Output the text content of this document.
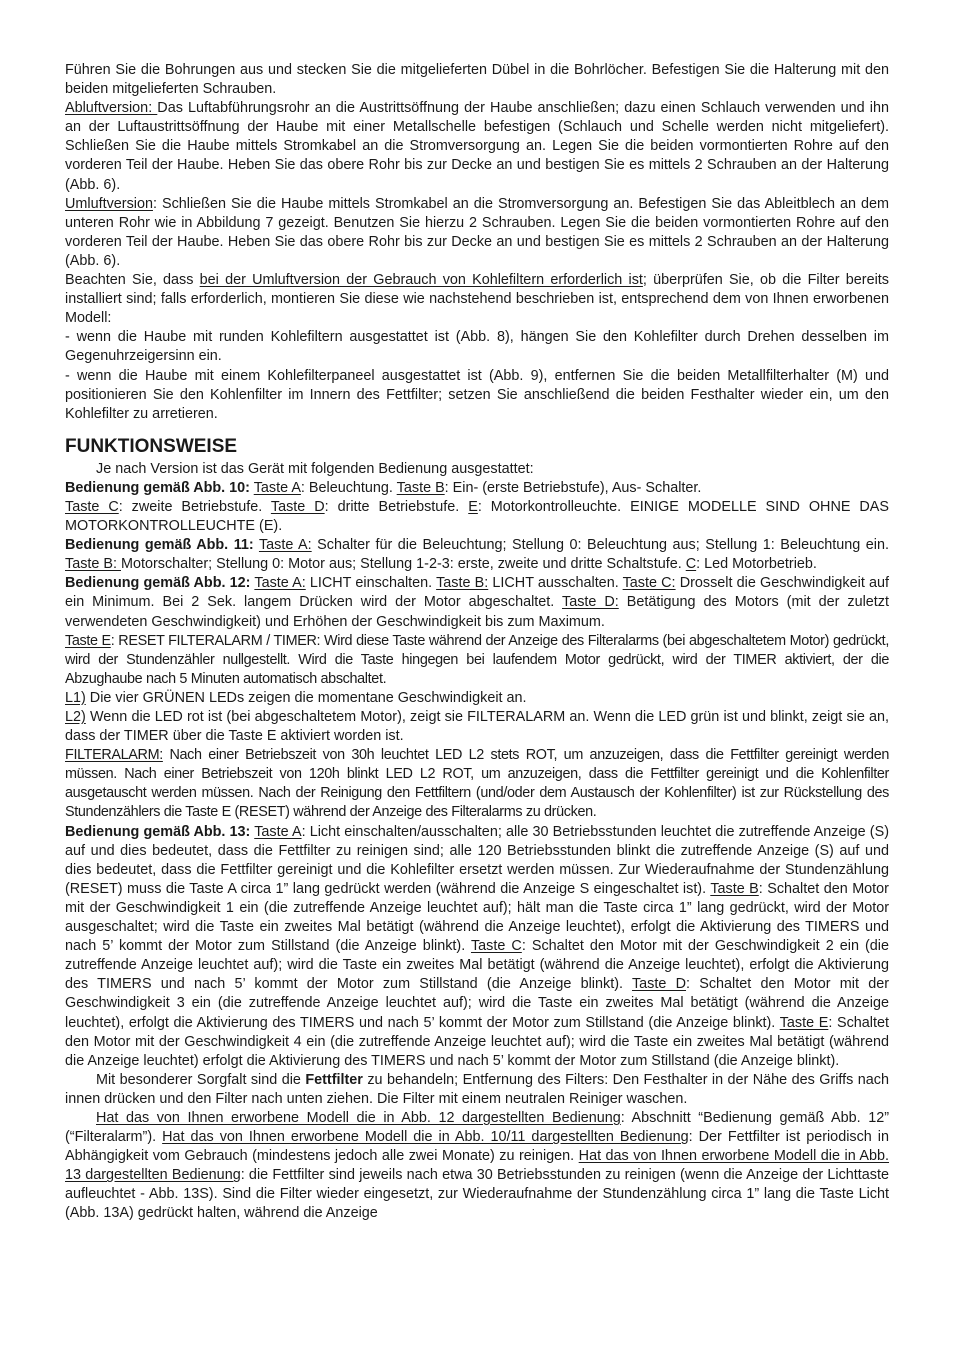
Führen Sie die Bohrungen aus und stecken Sie die mitgelieferten Dübel in die Bohrlöcher. Befestigen Sie die Halterung mit den beiden mitgelieferten Schrauben.

Abluftversion: Das Luftabführungsrohr an die Austrittsöffnung der Haube anschließen; dazu einen Schlauch verwenden und ihn an der Luftaustrittsöffnung der Haube mit einer Metallschelle befestigen (Schlauch und Schelle werden nicht mitgeliefert). Schließen Sie die Haube mittels Stromkabel an die Stromversorgung an. Legen Sie die beiden vormontierten Rohre auf den vorderen Teil der Haube. Heben Sie das obere Rohr bis zur Decke an und bestigen Sie es mittels 2 Schrauben an der Halterung (Abb. 6).

Umluftversion: Schließen Sie die Haube mittels Stromkabel an die Stromversorgung an. Befestigen Sie das Ableitblech an dem unteren Rohr wie in Abbildung 7 gezeigt. Benutzen Sie hierzu 2 Schrauben. Legen Sie die beiden vormontierten Rohre auf den vorderen Teil der Haube. Heben Sie das obere Rohr bis zur Decke an und bestigen Sie es mittels 2 Schrauben an der Halterung (Abb. 6).

Beachten Sie, dass bei der Umluftversion der Gebrauch von Kohlefiltern erforderlich ist; überprüfen Sie, ob die Filter bereits installiert sind; falls erforderlich, montieren Sie diese wie nachstehend beschrieben ist, entsprechend dem von Ihnen erworbenen Modell:

- wenn die Haube mit runden Kohlefiltern ausgestattet ist (Abb. 8), hängen Sie den Kohlefilter durch Drehen desselben im Gegenuhrzeigersinn ein.

- wenn die Haube mit einem Kohlefilterpaneel ausgestattet ist (Abb. 9), entfernen Sie die beiden Metallfilterhalter (M) und positionieren Sie den Kohlenfilter im Innern des Fettfilter; setzen Sie anschließend die beiden Festhalter wieder ein, um den Kohlefilter zu arretieren.

FUNKTIONSWEISE

Je nach Version ist das Gerät mit folgenden Bedienung ausgestattet:

Bedienung gemäß Abb. 10: Taste A: Beleuchtung. Taste B: Ein- (erste Betriebstufe), Aus- Schalter.

Taste C: zweite Betriebstufe. Taste D: dritte Betriebstufe. E: Motorkontrolleuchte. EINIGE MODELLE SIND OHNE DAS MOTORKONTROLLEUCHTE (E).

Bedienung gemäß Abb. 11: Taste A: Schalter für die Beleuchtung; Stellung 0: Beleuchtung aus; Stellung 1: Beleuchtung ein. Taste B: Motorschalter; Stellung 0: Motor aus; Stellung 1-2-3: erste, zweite und dritte Schaltstufe. C: Led Motorbetrieb.

Bedienung gemäß Abb. 12: Taste A: LICHT einschalten. Taste B: LICHT ausschalten. Taste C: Drosselt die Geschwindigkeit auf ein Minimum. Bei 2 Sek. langem Drücken wird der Motor abgeschaltet. Taste D: Betätigung des Motors (mit der zuletzt verwendeten Geschwindigkeit) und Erhöhen der Geschwindigkeit bis zum Maximum.

Taste E: RESET FILTERALARM / TIMER: Wird diese Taste während der Anzeige des Filteralarms (bei abgeschaltetem Motor) gedrückt, wird der Stundenzähler nullgestellt. Wird die Taste hingegen bei laufendem Motor gedrückt, wird der TIMER aktiviert, der die Abzughaube nach 5 Minuten automatisch abschaltet.

L1) Die vier GRÜNEN LEDs zeigen die momentane Geschwindigkeit an.

L2) Wenn die LED rot ist (bei abgeschaltetem Motor), zeigt sie FILTERALARM an. Wenn die LED grün ist und blinkt, zeigt sie an, dass der TIMER über die Taste E aktiviert worden ist.

FILTERALARM: Nach einer Betriebszeit von 30h leuchtet LED L2 stets ROT, um anzuzeigen, dass die Fettfilter gereinigt werden müssen. Nach einer Betriebszeit von 120h blinkt LED L2 ROT, um anzuzeigen, dass die Fettfilter gereinigt und die Kohlenfilter ausgetauscht werden müssen. Nach der Reinigung den Fettfiltern (und/oder dem Austausch der Kohlenfilter) ist zur Rückstellung des Stundenzählers die Taste E (RESET) während der Anzeige des Filteralarms zu drücken.

Bedienung gemäß Abb. 13: Taste A: Licht einschalten/ausschalten; alle 30 Betriebsstunden leuchtet die zutreffende Anzeige (S) auf und dies bedeutet, dass die Fettfilter zu reinigen sind; alle 120 Betriebsstunden blinkt die zutreffende Anzeige (S) auf und dies bedeutet, dass die Fettfilter gereinigt und die Kohlefilter ersetzt werden müssen. Zur Wiederaufnahme der Stundenzählung (RESET) muss die Taste A circa 1” lang gedrückt werden (während die Anzeige S eingeschaltet ist). Taste B: Schaltet den Motor mit der Geschwindigkeit 1 ein (die zutreffende Anzeige leuchtet auf); hält man die Taste circa 1” lang gedrückt, wird der Motor ausgeschaltet; wird die Taste ein zweites Mal betätigt (während die Anzeige leuchtet), erfolgt die Aktivierung des TIMERS und nach 5’ kommt der Motor zum Stillstand (die Anzeige blinkt). Taste C: Schaltet den Motor mit der Geschwindigkeit 2 ein (die zutreffende Anzeige leuchtet auf); wird die Taste ein zweites Mal betätigt (während die Anzeige leuchtet), erfolgt die Aktivierung des TIMERS und nach 5’ kommt der Motor zum Stillstand (die Anzeige blinkt). Taste D: Schaltet den Motor mit der Geschwindigkeit 3 ein (die zutreffende Anzeige leuchtet auf); wird die Taste ein zweites Mal betätigt (während die Anzeige leuchtet), erfolgt die Aktivierung des TIMERS und nach 5’ kommt der Motor zum Stillstand (die Anzeige blinkt). Taste E: Schaltet den Motor mit der Geschwindigkeit 4 ein (die zutreffende Anzeige leuchtet auf); wird die Taste ein zweites Mal betätigt (während die Anzeige leuchtet) erfolgt die Aktivierung des TIMERS und nach 5’ kommt der Motor zum Stillstand (die Anzeige blinkt).

Mit besonderer Sorgfalt sind die Fettfilter zu behandeln; Entfernung des Filters: Den Festhalter in der Nähe des Griffs nach innen drücken und den Filter nach unten ziehen. Die Filter mit einem neutralen Reiniger waschen.

Hat das von Ihnen erworbene Modell die in Abb. 12 dargestellten Bedienung: Abschnitt “Bedienung gemäß Abb. 12” (“Filteralarm”). Hat das von Ihnen erworbene Modell die in Abb. 10/11 dargestellten Bedienung: Der Fettfilter ist periodisch in Abhängigkeit vom Gebrauch (mindestens jedoch alle zwei Monate) zu reinigen. Hat das von Ihnen erworbene Modell die in Abb. 13 dargestellten Bedienung: die Fettfilter sind jeweils nach etwa 30 Betriebsstunden zu reinigen (wenn die Anzeige der Lichttaste aufleuchtet - Abb. 13S). Sind die Filter wieder eingesetzt, zur Wiederaufnahme der Stundenzählung circa 1” lang die Taste Licht (Abb. 13A) gedrückt halten, während die Anzeige
